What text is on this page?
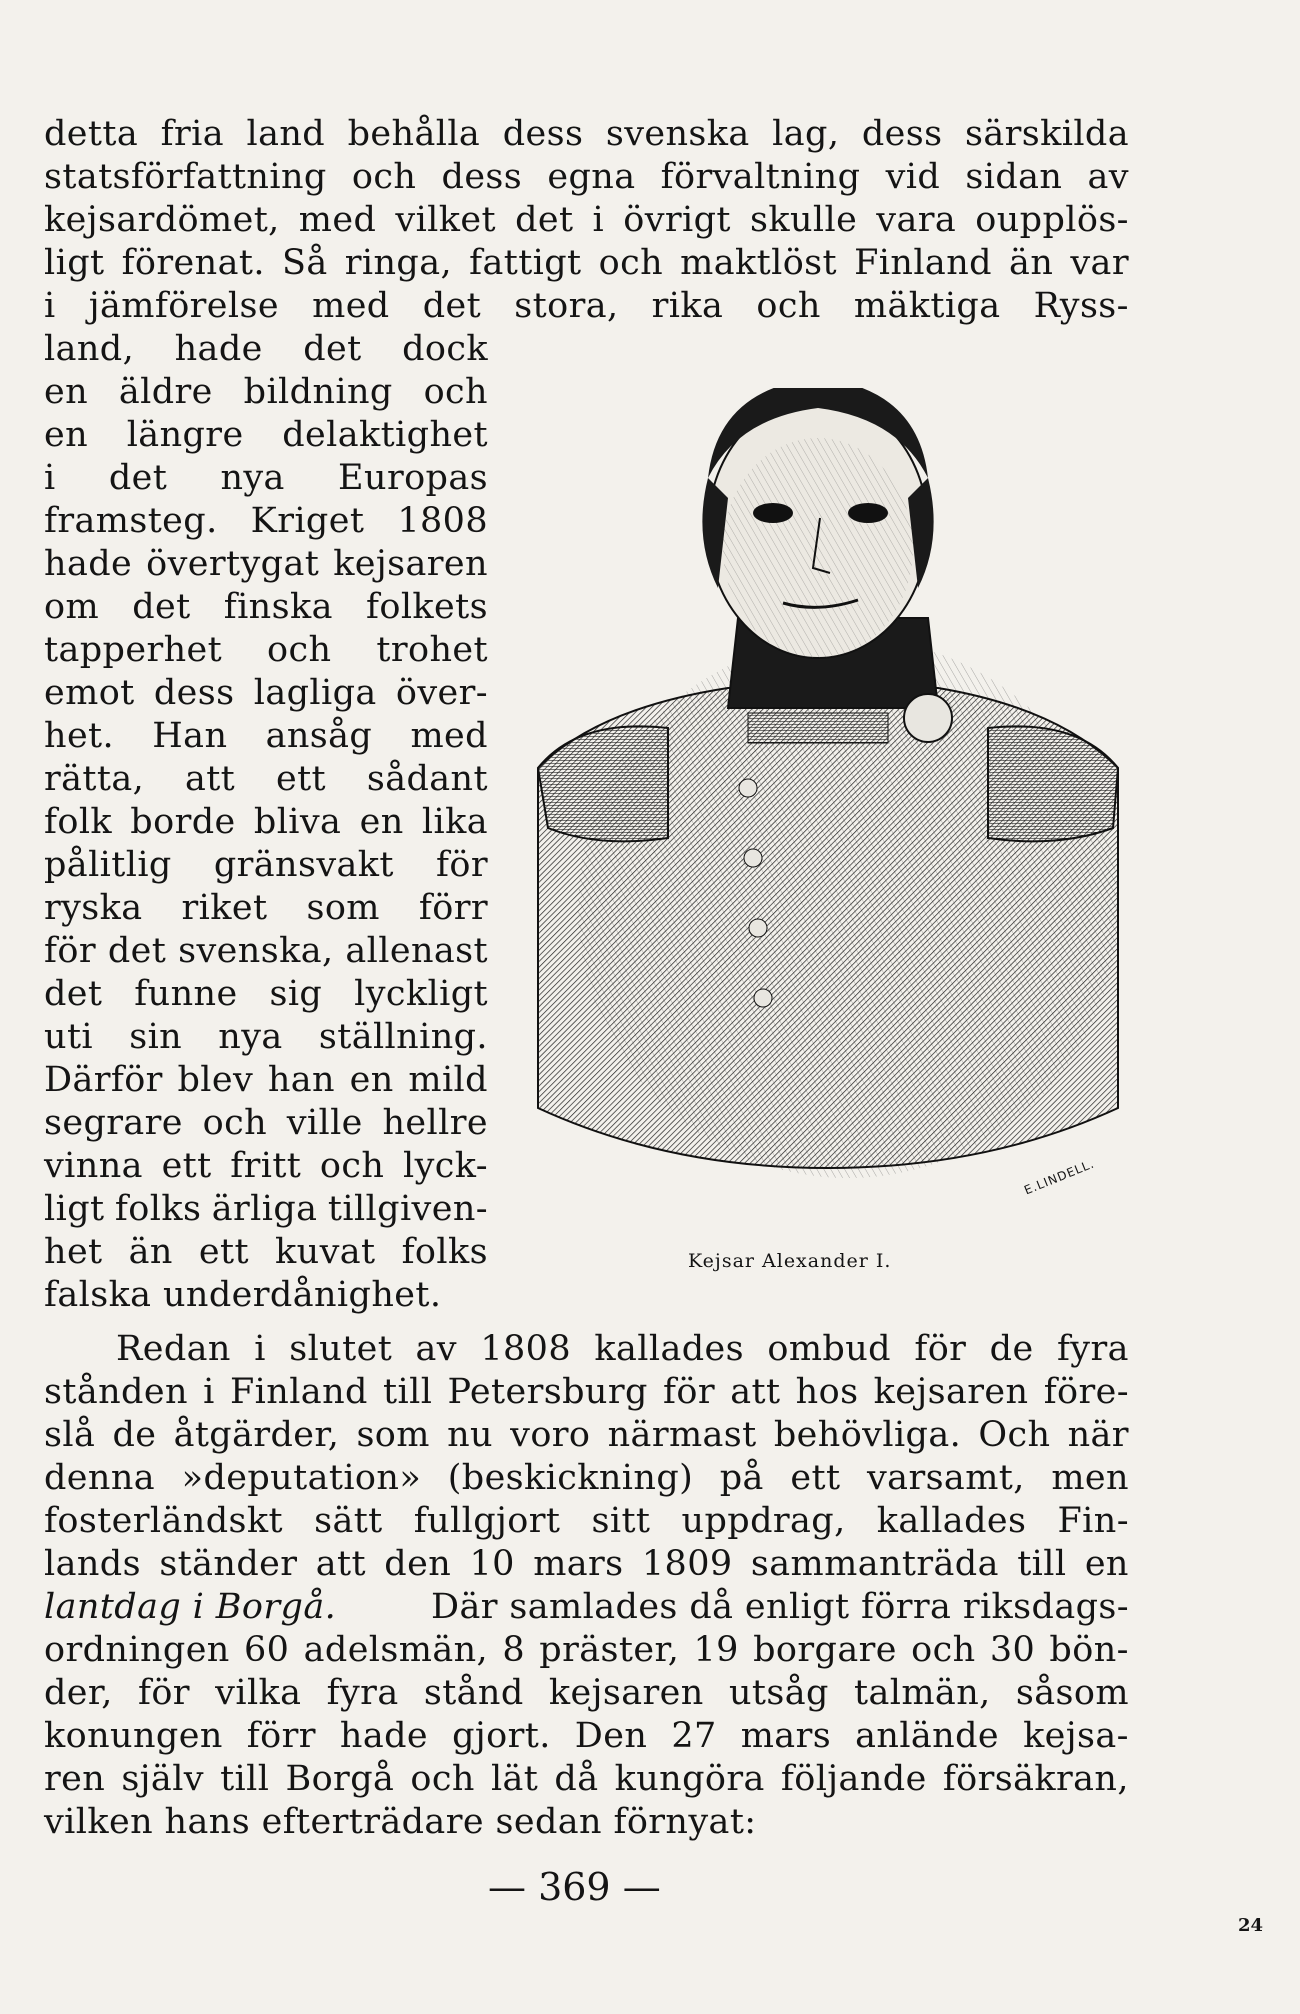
detta fria land behålla dess svenska lag, dess särskilda
statsförfattning och dess egna förvaltning vid sidan av
kejsardömet, med vilket det i övrigt skulle vara oupplös-
ligt förenat. Så ringa, fattigt och maktlöst Finland än var
i jämförelse med det stora, rika och mäktiga Ryss-
land, hade det dock
en äldre bildning och
en längre delaktighet
i det nya Europas
framsteg. Kriget 1808
hade övertygat kejsaren
om det finska folkets
tapperhet och trohet
emot dess lagliga över-
het. Han ansåg med
rätta, att ett sådant
folk borde bliva en lika
pålitlig gränsvakt för
ryska riket som förr
för det svenska, allenast
det funne sig lyckligt
uti sin nya ställning.
Därför blev han en mild
segrare och ville hellre
vinna ett fritt och lyck-
ligt folks ärliga tillgiven-
het än ett kuvat folks
falska underdånighet.
Redan i slutet av 1808 kallades ombud för de fyra
stånden i Finland till Petersburg för att hos kejsaren före-
slå de åtgärder, som nu voro närmast behövliga. Och när
denna »deputation» (beskickning) på ett varsamt, men
fosterländskt sätt fullgjort sitt uppdrag, kallades Fin-
lands ständer att den 10 mars 1809 sammanträda till en
lantdag i Borgå.	Där samlades då enligt förra riksdags-
ordningen 60 adelsmän, 8 präster, 19 borgare och 30 bön-
der, för vilka fyra stånd kejsaren utsåg talmän, såsom
konungen förr hade gjort. Den 27 mars anlände kejsa-
ren själv till Borgå och lät då kungöra följande försäkran,
vilken hans efterträdare sedan förnyat:
E.LINDELL.
Kejsar Alexander I.
— 369 —
24
